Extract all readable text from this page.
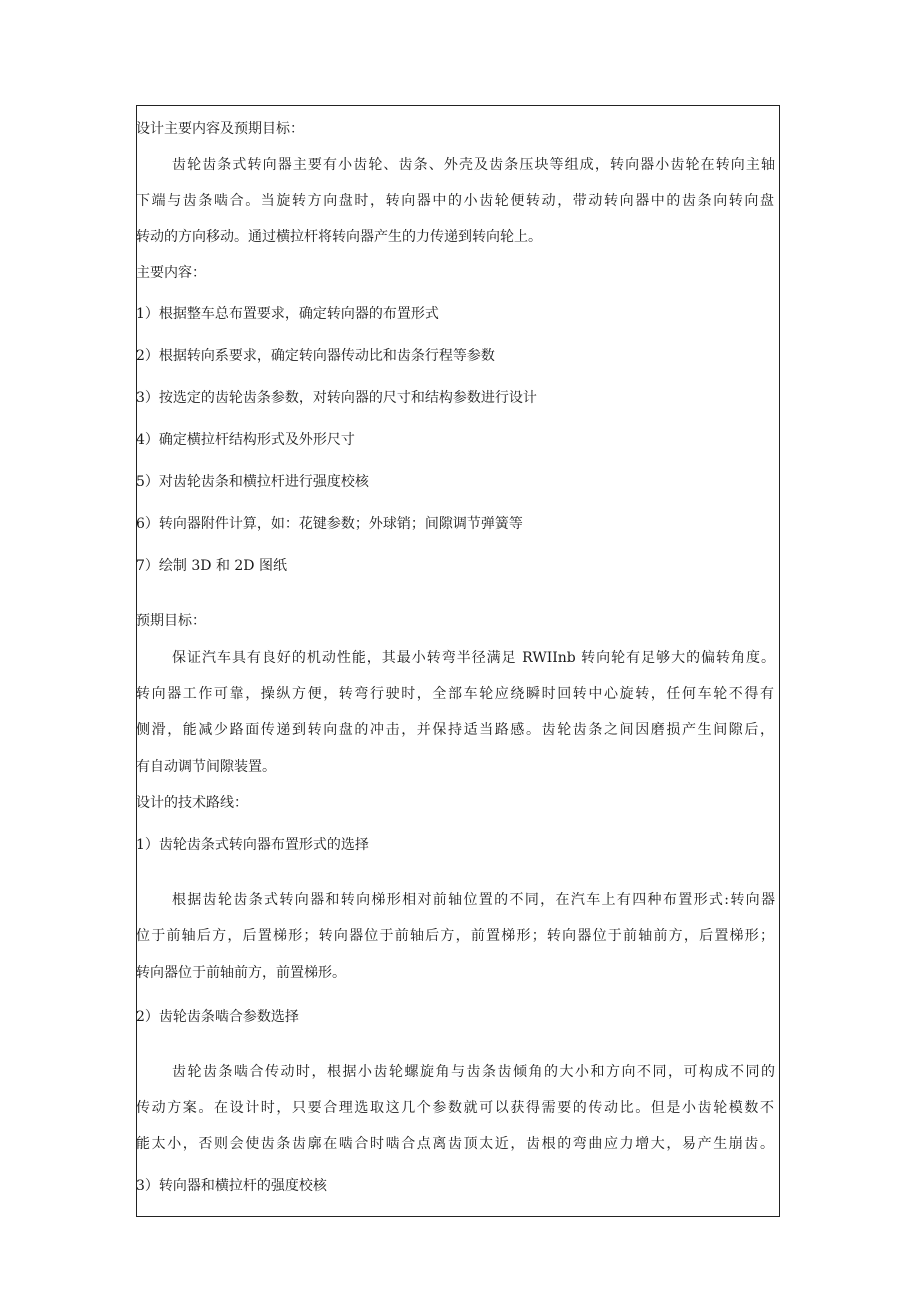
设计主要内容及预期目标：
齿轮齿条式转向器主要有小齿轮、齿条、外壳及齿条压块等组成，转向器小齿轮在转向主轴
下端与齿条啮合。当旋转方向盘时，转向器中的小齿轮便转动，带动转向器中的齿条向转向盘
转动的方向移动。通过横拉杆将转向器产生的力传递到转向轮上。
主要内容：
1）根据整车总布置要求，确定转向器的布置形式
2）根据转向系要求，确定转向器传动比和齿条行程等参数
3）按选定的齿轮齿条参数，对转向器的尺寸和结构参数进行设计
4）确定横拉杆结构形式及外形尺寸
5）对齿轮齿条和横拉杆进行强度校核
6）转向器附件计算，如：花键参数；外球销；间隙调节弹簧等
7）绘制 3D 和 2D 图纸
预期目标：
保证汽车具有良好的机动性能，其最小转弯半径满足 RWIInb 转向轮有足够大的偏转角度。
转向器工作可靠，操纵方便，转弯行驶时，全部车轮应绕瞬时回转中心旋转，任何车轮不得有
侧滑，能减少路面传递到转向盘的冲击，并保持适当路感。齿轮齿条之间因磨损产生间隙后，
有自动调节间隙装置。
设计的技术路线：
1）齿轮齿条式转向器布置形式的选择
根据齿轮齿条式转向器和转向梯形相对前轴位置的不同，在汽车上有四种布置形式:转向器
位于前轴后方，后置梯形；转向器位于前轴后方，前置梯形；转向器位于前轴前方，后置梯形；
转向器位于前轴前方，前置梯形。
2）齿轮齿条啮合参数选择
齿轮齿条啮合传动时，根据小齿轮螺旋角与齿条齿倾角的大小和方向不同，可构成不同的
传动方案。在设计时，只要合理选取这几个参数就可以获得需要的传动比。但是小齿轮模数不
能太小，否则会使齿条齿廓在啮合时啮合点离齿顶太近，齿根的弯曲应力增大，易产生崩齿。
3）转向器和横拉杆的强度校核
